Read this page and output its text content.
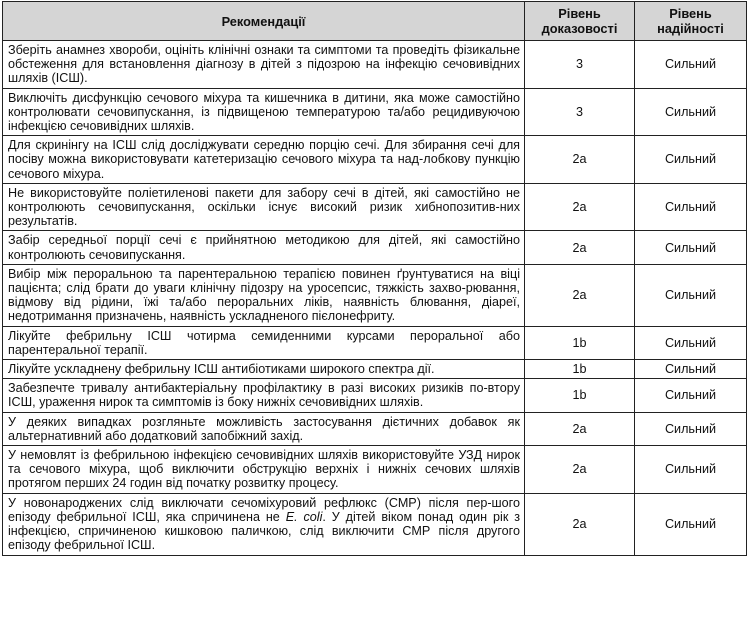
Рекомендації	Рівень доказовості	Рівень надійності
Зберіть анамнез хвороби, оцініть клінічні ознаки та симптоми та проведіть фізикальне обстеження для встановлення діагнозу в дітей з підозрою на інфекцію сечовивідних шляхів (ІСШ).	3	Сильний
Виключіть дисфункцію сечового міхура та кишечника в дитини, яка може самостійно контролювати сечовипускання, із підвищеною температурою та/або рецидивуючою інфекцією сечовивідних шляхів.	3	Сильний
Для скринінгу на ІСШ слід досліджувати середню порцію сечі. Для збирання сечі для посіву можна використовувати катетеризацію сечового міхура та над-лобкову пункцію сечового міхура.	2a	Сильний
Не використовуйте поліетиленові пакети для забору сечі в дітей, які самостійно не контролюють сечовипускання, оскільки існує високий ризик хибнопозитив-них результатів.	2a	Сильний
Забір середньої порції сечі є прийнятною методикою для дітей, які самостійно контролюють сечовипускання.	2a	Сильний
Вибір між пероральною та парентеральною терапією повинен ґрунтуватися на віці пацієнта; слід брати до уваги клінічну підозру на уросепсис, тяжкість захво-рювання, відмову від рідини, їжі та/або пероральних ліків, наявність блювання, діареї, недотримання призначень, наявність ускладненого пієлонефриту.	2a	Сильний
Лікуйте фебрильну ІСШ чотирма семиденними курсами пероральної або парентеральної терапії.	1b	Сильний
Лікуйте ускладнену фебрильну ІСШ антибіотиками широкого спектра дії.	1b	Сильний
Забезпечте тривалу антибактеріальну профілактику в разі високих ризиків по-вторy ІСШ, ураження нирок та симптомів із боку нижніх сечовивідних шляхів.	1b	Сильний
У деяких випадках розгляньте можливість застосування дієтичних добавок як альтернативний або додатковий запобіжний захід.	2a	Сильний
У немовлят із фебрильною інфекцією сечовивідних шляхів використовуйте УЗД нирок та сечового міхура, щоб виключити обструкцію верхніх і нижніх сечових шляхів протягом перших 24 годин від початку розвитку процесу.	2a	Сильний
У новонароджених слід виключати сечоміхуровий рефлюкс (СМР) після пер-шого епізоду фебрильної ІСШ, яка спричинена не E. coli. У дітей віком понад один рік з інфекцією, спричиненою кишковою паличкою, слід виключити СМР після другого епізоду фебрильної ІСШ.	2a	Сильний
